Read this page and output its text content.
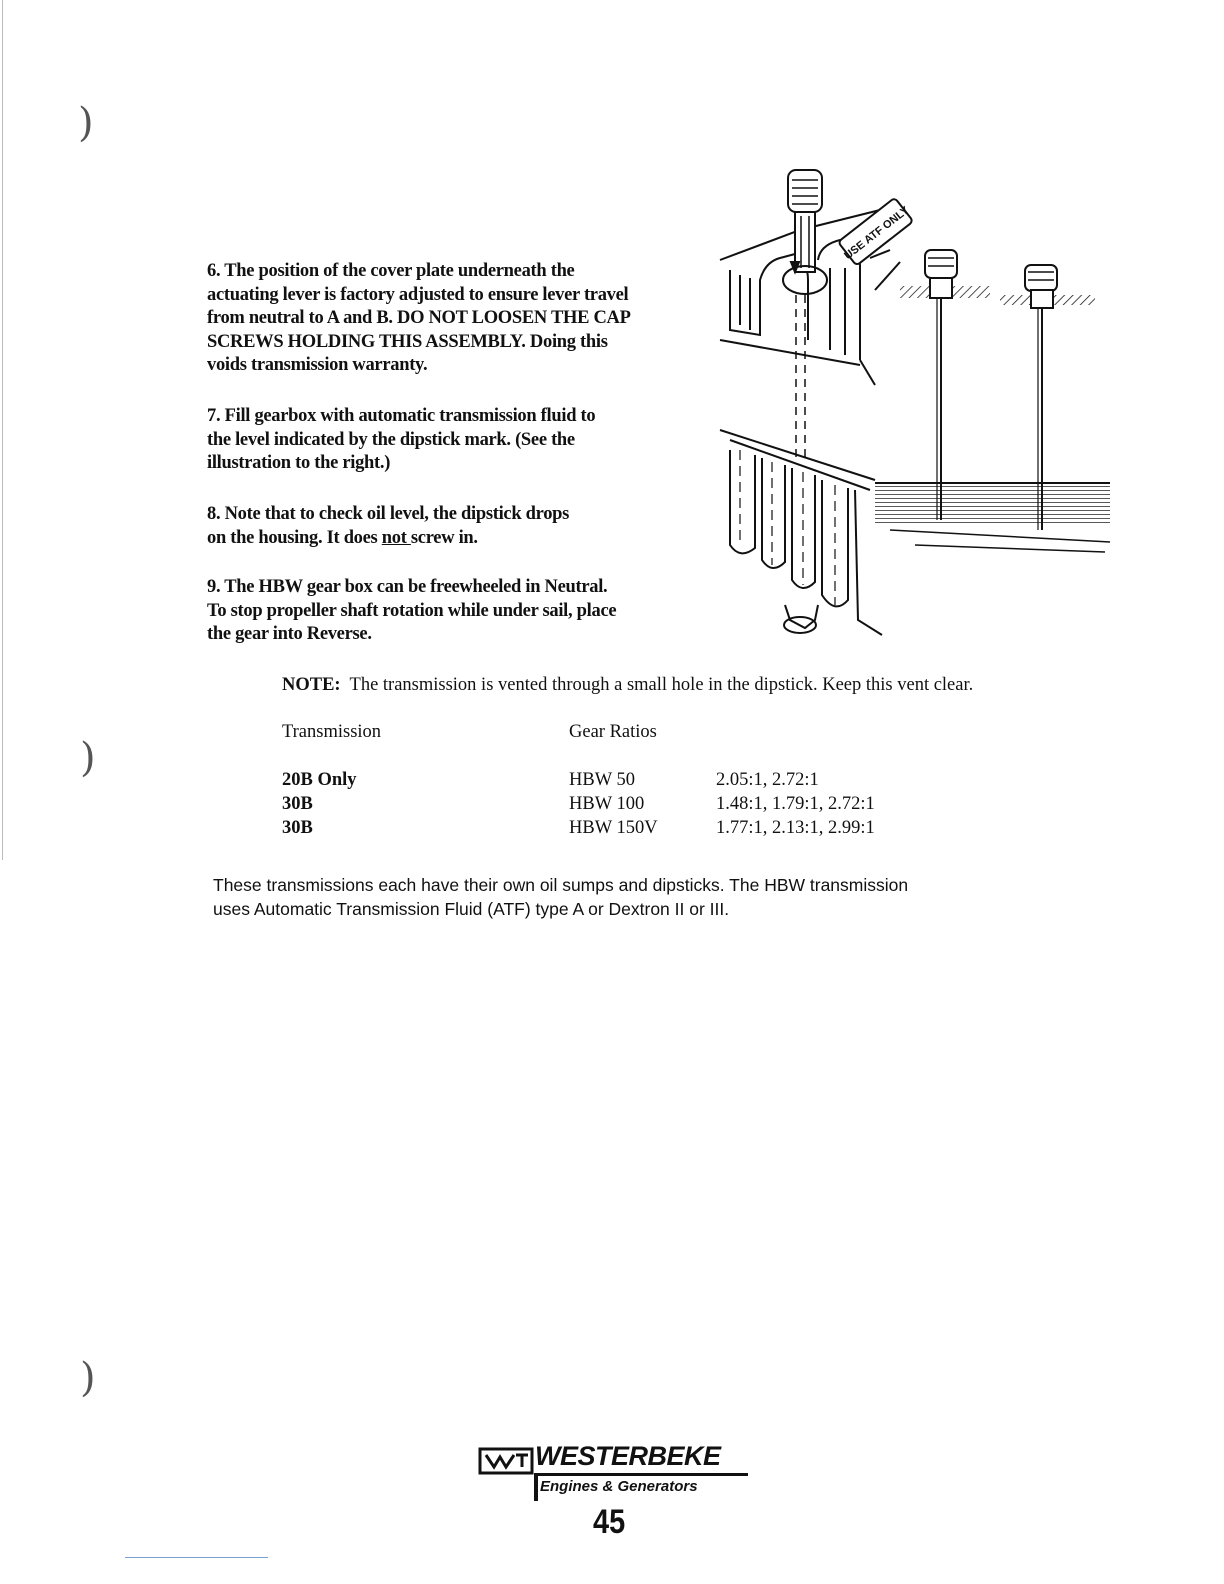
)
)
)
6. The position of the cover plate underneath the
actuating lever is factory adjusted to ensure lever travel
from neutral to A and B. DO NOT LOOSEN THE CAP
SCREWS HOLDING THIS ASSEMBLY. Doing this
voids transmission warranty.
7. Fill gearbox with automatic transmission fluid to
the level indicated by the dipstick mark. (See the
illustration to the right.)
8. Note that to check oil level, the dipstick drops
on the housing. It does not screw in.
9. The HBW gear box can be freewheeled in Neutral.
To stop propeller shaft rotation while under sail, place
the gear into Reverse.
USE ATF ONLY
NOTE: The transmission is vented through a small hole in the dipstick. Keep this vent clear.
Transmission	Gear Ratios
20B Only	HBW 50	2.05:1, 2.72:1
30B	HBW 100	1.48:1, 1.79:1, 2.72:1
30B	HBW 150V	1.77:1, 2.13:1, 2.99:1
These transmissions each have their own oil sumps and dipsticks. The HBW transmission
uses Automatic Transmission Fluid (ATF) type A or Dextron II or III.
WESTERBEKE
Engines & Generators
45
